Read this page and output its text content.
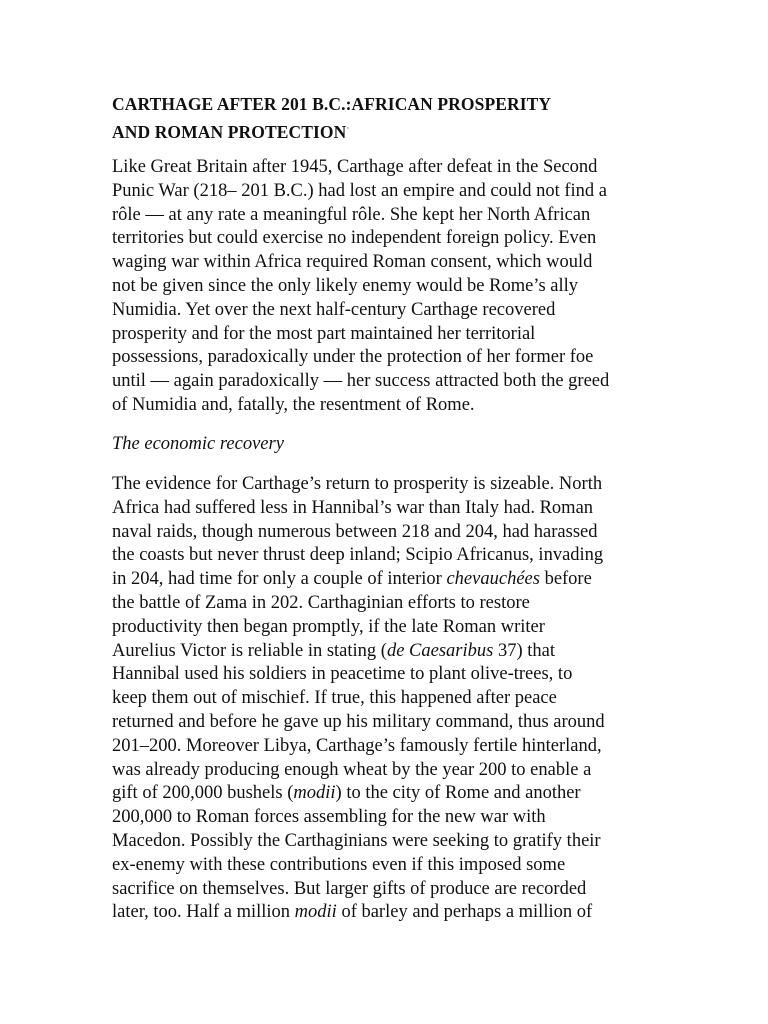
CARTHAGE AFTER 201 B.C.:AFRICAN PROSPERITY
AND ROMAN PROTECTION·
Like Great Britain after 1945, Carthage after defeat in the Second
Punic War (218– 201 B.C.) had lost an empire and could not find a
rôle — at any rate a meaningful rôle. She kept her North African
territories but could exercise no independent foreign policy. Even
waging war within Africa required Roman consent, which would
not be given since the only likely enemy would be Rome’s ally
Numidia. Yet over the next half-century Carthage recovered
prosperity and for the most part maintained her territorial
possessions, paradoxically under the protection of her former foe
until — again paradoxically — her success attracted both the greed
of Numidia and, fatally, the resentment of Rome.
The economic recovery
The evidence for Carthage’s return to prosperity is sizeable. North
Africa had suffered less in Hannibal’s war than Italy had. Roman
naval raids, though numerous between 218 and 204, had harassed
the coasts but never thrust deep inland; Scipio Africanus, invading
in 204, had time for only a couple of interior chevauchées before
the battle of Zama in 202. Carthaginian efforts to restore
productivity then began promptly, if the late Roman writer
Aurelius Victor is reliable in stating (de Caesaribus 37) that
Hannibal used his soldiers in peacetime to plant olive-trees, to
keep them out of mischief. If true, this happened after peace
returned and before he gave up his military command, thus around
201–200. Moreover Libya, Carthage’s famously fertile hinterland,
was already producing enough wheat by the year 200 to enable a
gift of 200,000 bushels (modii) to the city of Rome and another
200,000 to Roman forces assembling for the new war with
Macedon. Possibly the Carthaginians were seeking to gratify their
ex-enemy with these contributions even if this imposed some
sacrifice on themselves. But larger gifts of produce are recorded
later, too. Half a million modii of barley and perhaps a million of
